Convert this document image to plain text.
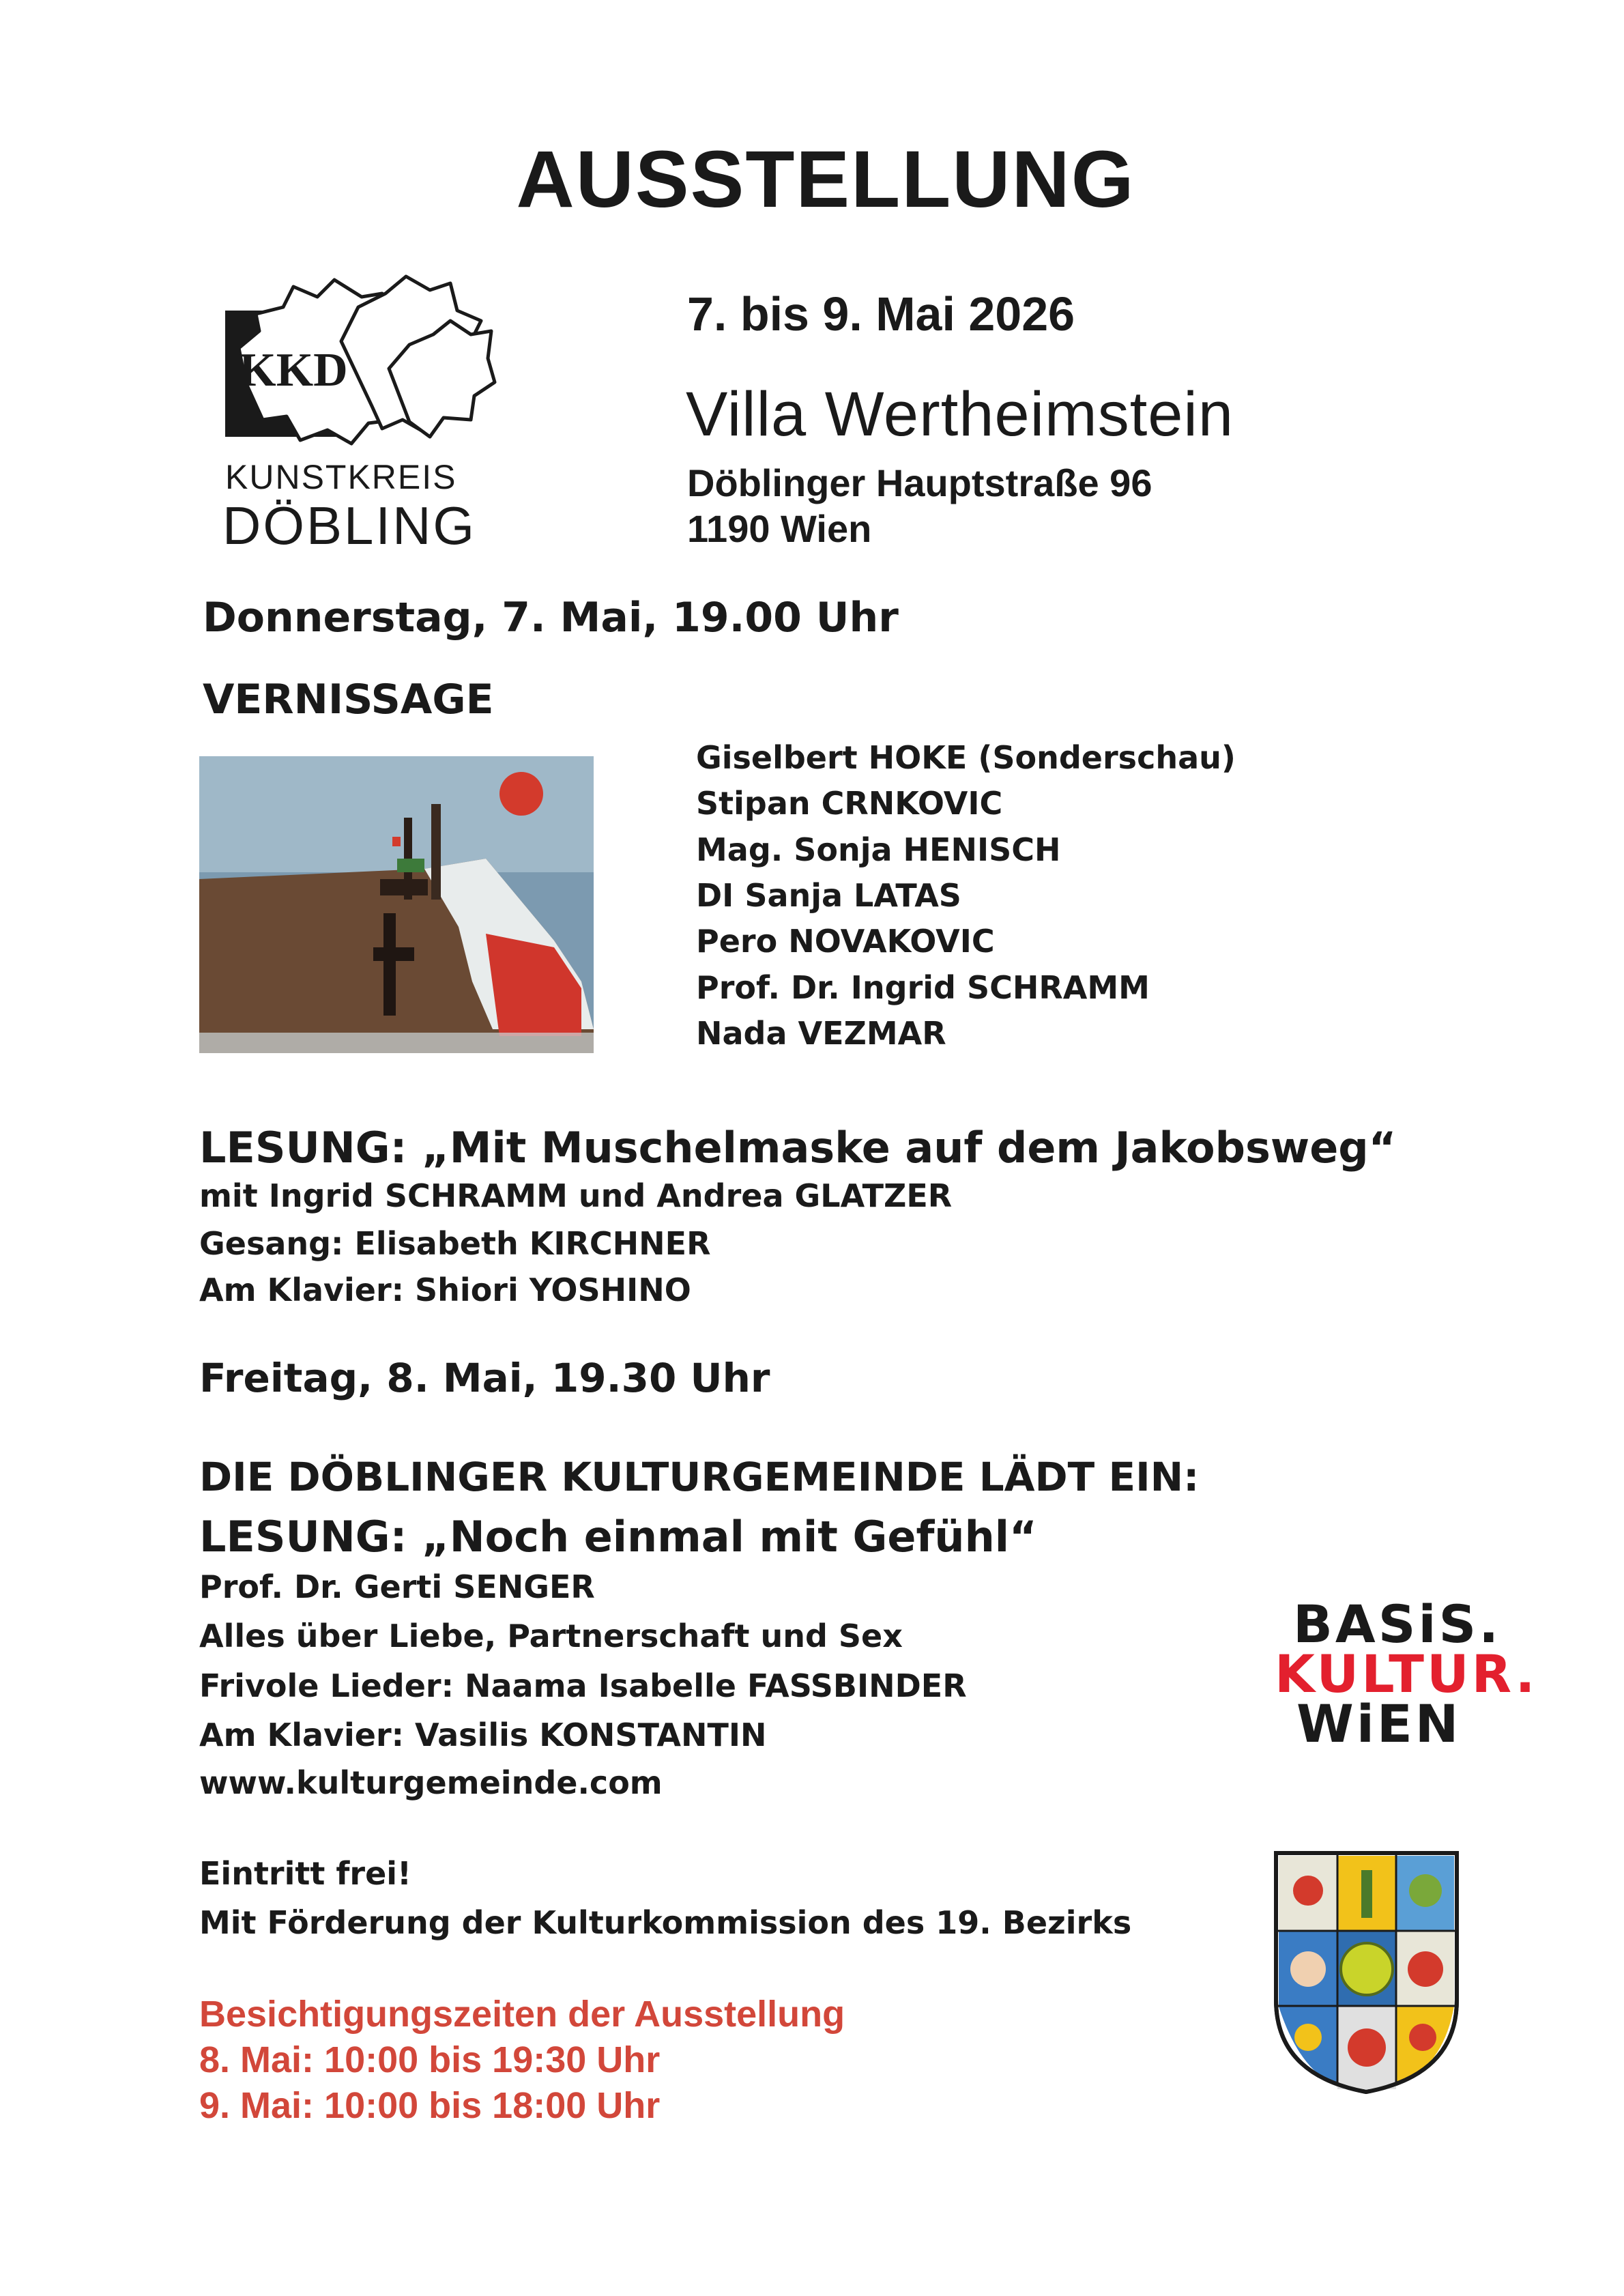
AUSSTELLUNG
KKD
KUNSTKREIS
DÖBLING
7. bis 9. Mai 2026
Villa Wertheimstein
Döblinger Hauptstraße 96
1190 Wien
Donnerstag, 7. Mai, 19.00 Uhr
VERNISSAGE
Giselbert HOKE (Sonderschau)
Stipan CRNKOVIC
Mag. Sonja HENISCH
DI Sanja LATAS
Pero NOVAKOVIC
Prof. Dr. Ingrid SCHRAMM
Nada VEZMAR
LESUNG: „Mit Muschelmaske auf dem Jakobsweg“
mit Ingrid SCHRAMM und Andrea GLATZER
Gesang: Elisabeth KIRCHNER
Am Klavier: Shiori YOSHINO
Freitag, 8. Mai, 19.30 Uhr
DIE DÖBLINGER KULTURGEMEINDE LÄDT EIN:
LESUNG: „Noch einmal mit Gefühl“
Prof. Dr. Gerti SENGER
Alles über Liebe, Partnerschaft und Sex
Frivole Lieder: Naama Isabelle FASSBINDER
Am Klavier: Vasilis KONSTANTIN
www.kulturgemeinde.com
BASiS.
KULTUR.
WiEN
Eintritt frei!
Mit Förderung der Kulturkommission des 19. Bezirks
Besichtigungszeiten der Ausstellung
8. Mai: 10:00 bis 19:30 Uhr
9. Mai: 10:00 bis 18:00 Uhr
